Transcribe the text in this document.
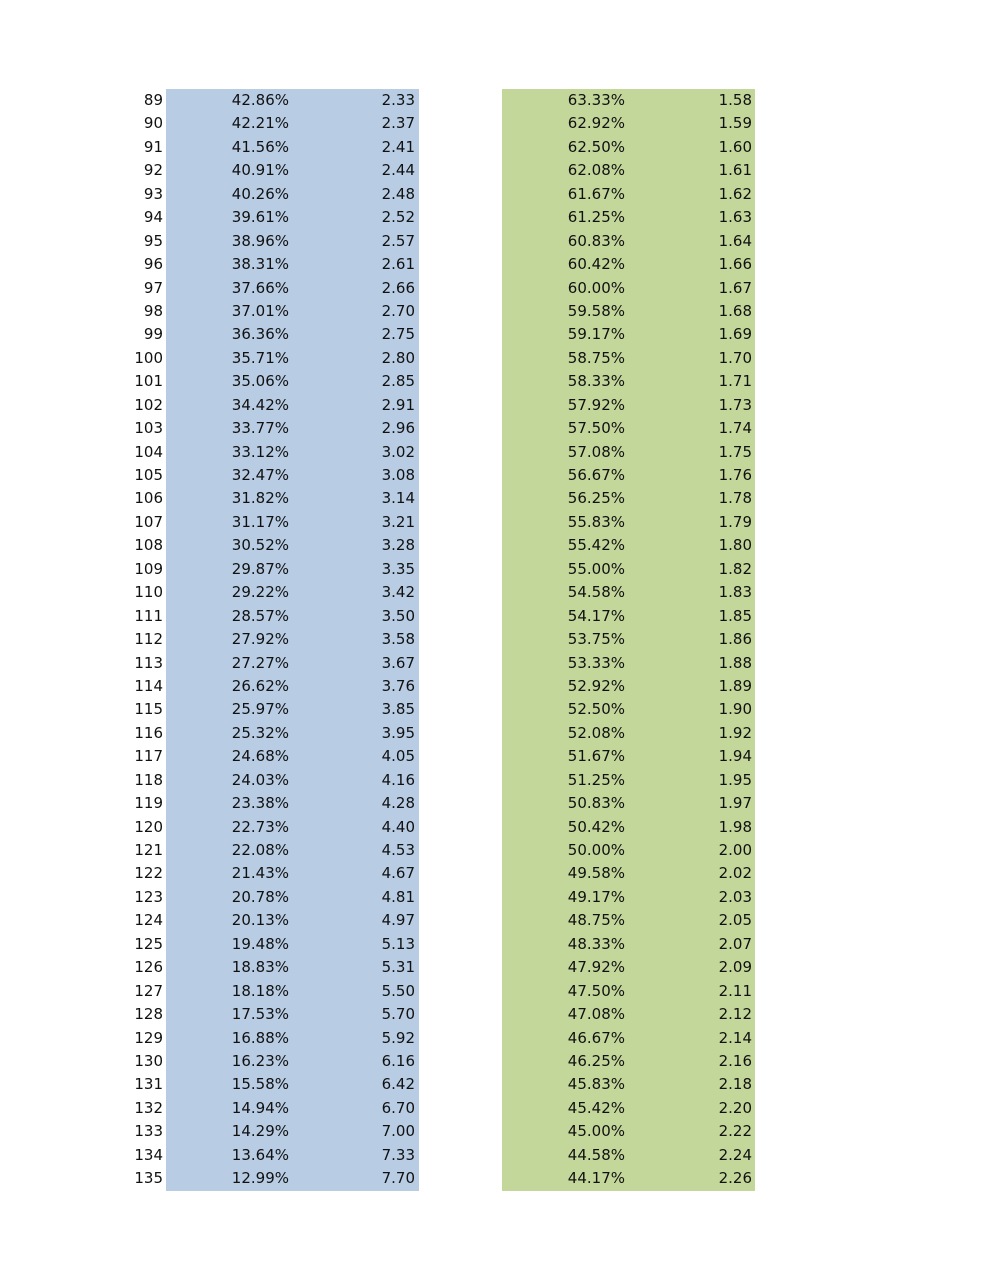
89	42.86%	2.33	63.33%	1.58
90	42.21%	2.37	62.92%	1.59
91	41.56%	2.41	62.50%	1.60
92	40.91%	2.44	62.08%	1.61
93	40.26%	2.48	61.67%	1.62
94	39.61%	2.52	61.25%	1.63
95	38.96%	2.57	60.83%	1.64
96	38.31%	2.61	60.42%	1.66
97	37.66%	2.66	60.00%	1.67
98	37.01%	2.70	59.58%	1.68
99	36.36%	2.75	59.17%	1.69
100	35.71%	2.80	58.75%	1.70
101	35.06%	2.85	58.33%	1.71
102	34.42%	2.91	57.92%	1.73
103	33.77%	2.96	57.50%	1.74
104	33.12%	3.02	57.08%	1.75
105	32.47%	3.08	56.67%	1.76
106	31.82%	3.14	56.25%	1.78
107	31.17%	3.21	55.83%	1.79
108	30.52%	3.28	55.42%	1.80
109	29.87%	3.35	55.00%	1.82
110	29.22%	3.42	54.58%	1.83
111	28.57%	3.50	54.17%	1.85
112	27.92%	3.58	53.75%	1.86
113	27.27%	3.67	53.33%	1.88
114	26.62%	3.76	52.92%	1.89
115	25.97%	3.85	52.50%	1.90
116	25.32%	3.95	52.08%	1.92
117	24.68%	4.05	51.67%	1.94
118	24.03%	4.16	51.25%	1.95
119	23.38%	4.28	50.83%	1.97
120	22.73%	4.40	50.42%	1.98
121	22.08%	4.53	50.00%	2.00
122	21.43%	4.67	49.58%	2.02
123	20.78%	4.81	49.17%	2.03
124	20.13%	4.97	48.75%	2.05
125	19.48%	5.13	48.33%	2.07
126	18.83%	5.31	47.92%	2.09
127	18.18%	5.50	47.50%	2.11
128	17.53%	5.70	47.08%	2.12
129	16.88%	5.92	46.67%	2.14
130	16.23%	6.16	46.25%	2.16
131	15.58%	6.42	45.83%	2.18
132	14.94%	6.70	45.42%	2.20
133	14.29%	7.00	45.00%	2.22
134	13.64%	7.33	44.58%	2.24
135	12.99%	7.70	44.17%	2.26
